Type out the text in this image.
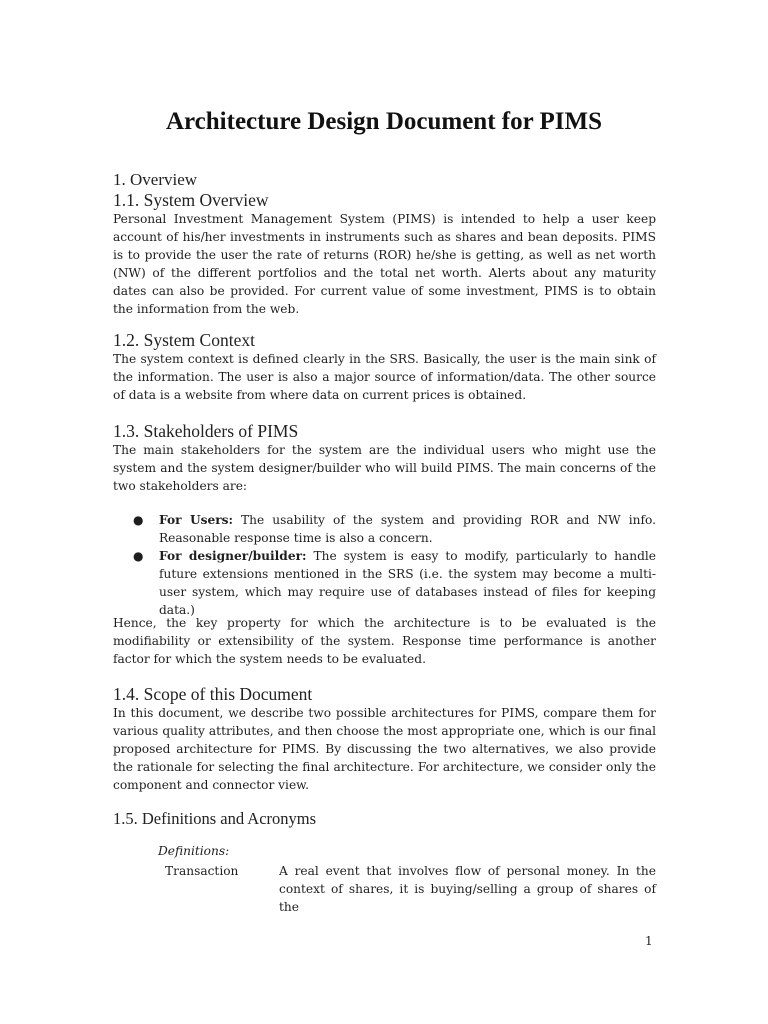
Architecture Design Document for PIMS
1. Overview
1.1. System Overview

Personal Investment Management System (PIMS) is intended to help a user keep account of his/her investments in instruments such as shares and bean deposits. PIMS is to provide the user the rate of returns (ROR) he/she is getting, as well as net worth (NW) of the different portfolios and the total net worth. Alerts about any maturity dates can also be provided. For current value of some investment, PIMS is to obtain the information from the web.

1.2. System Context

The system context is defined clearly in the SRS. Basically, the user is the main sink of the information. The user is also a major source of information/data. The other source of data is a website from where data on current prices is obtained.

1.3. Stakeholders of PIMS

The main stakeholders for the system are the individual users who might use the system and the system designer/builder who will build PIMS. The main concerns of the two stakeholders are:

● For Users: The usability of the system and providing ROR and NW info. Reasonable response time is also a concern.
● For designer/builder: The system is easy to modify, particularly to handle future extensions mentioned in the SRS (i.e. the system may become a multi-user system, which may require use of databases instead of files for keeping data.)

Hence, the key property for which the architecture is to be evaluated is the modifiability or extensibility of the system. Response time performance is another factor for which the system needs to be evaluated.

1.4. Scope of this Document

In this document, we describe two possible architectures for PIMS, compare them for various quality attributes, and then choose the most appropriate one, which is our final proposed architecture for PIMS. By discussing the two alternatives, we also provide the rationale for selecting the final architecture. For architecture, we consider only the component and connector view.

1.5. Definitions and Acronyms

Definitions:

Transaction	A real event that involves flow of personal money. In the context of shares, it is buying/selling a group of shares of the

1
